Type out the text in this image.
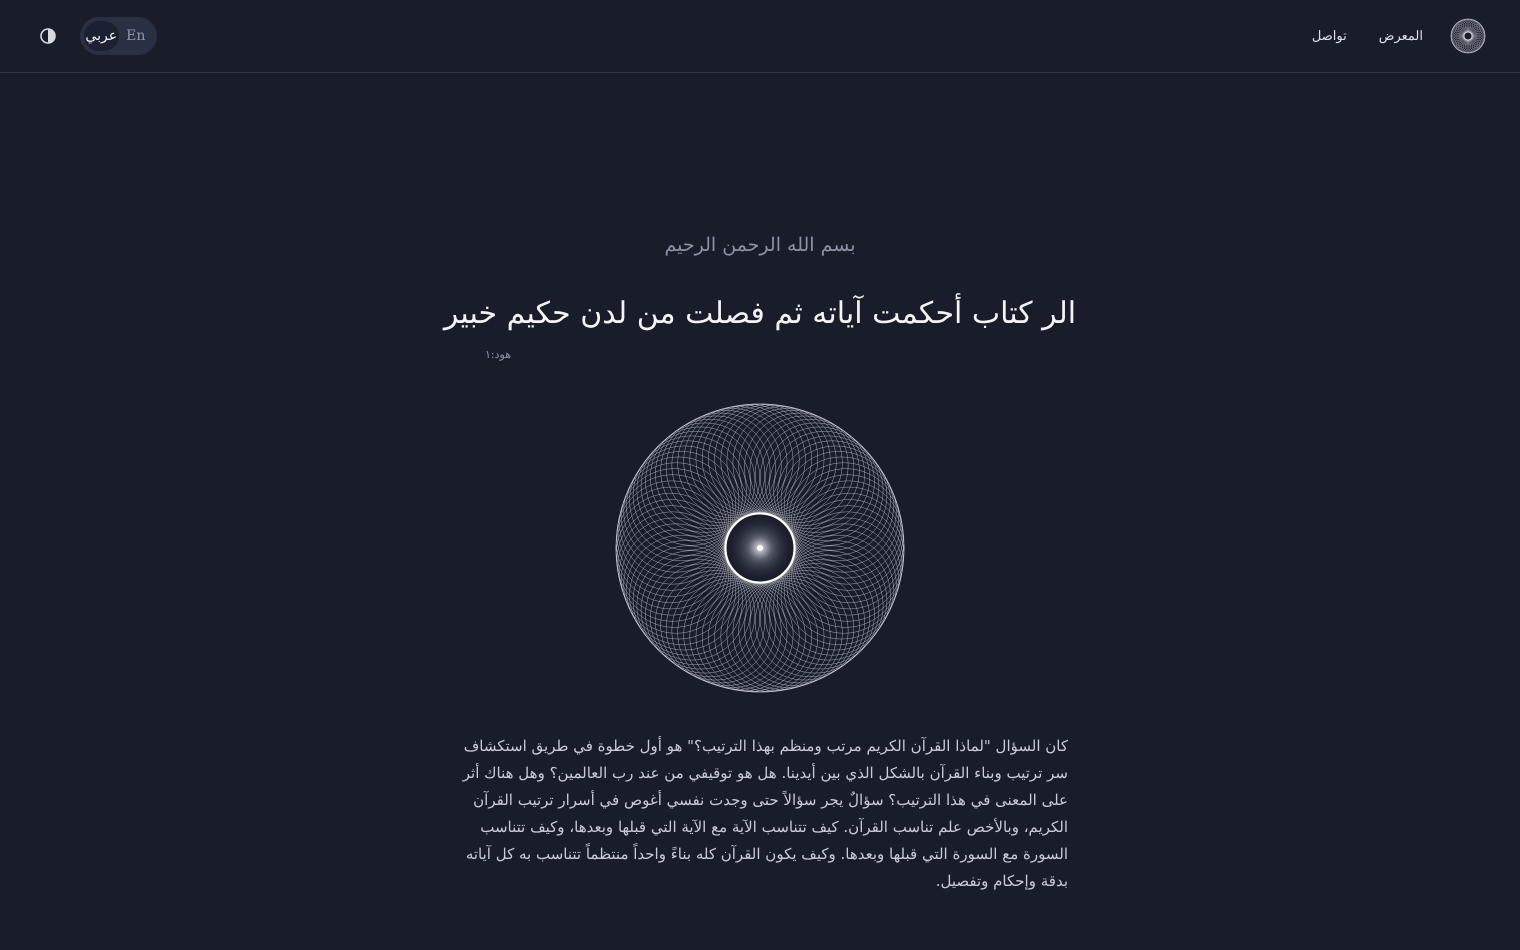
عربي En	المعرض
تواصل
بسم الله الرحمن الرحيم
الر كتاب أحكمت آياته ثم فصلت من لدن حكيم خبير
هود:١

كان السؤال "لماذا القرآن الكريم مرتب ومنظم بهذا الترتيب؟" هو أول خطوة في طريق استكشاف سر ترتيب وبناء القرآن بالشكل الذي بين أيدينا. هل هو توقيفي من عند رب العالمين؟ وهل هناك أثر على المعنى في هذا الترتيب؟ سؤالٌ يجر سؤالاً حتى وجدت نفسي أغوص في أسرار ترتيب القرآن الكريم، وبالأخص علم تناسب القرآن. كيف تتناسب الآية مع الآية التي قبلها وبعدها، وكيف تتناسب السورة مع السورة التي قبلها وبعدها. وكيف يكون القرآن كله بناءً واحداً منتظماً تتناسب به كل آياته بدقة وإحكام وتفصيل.
